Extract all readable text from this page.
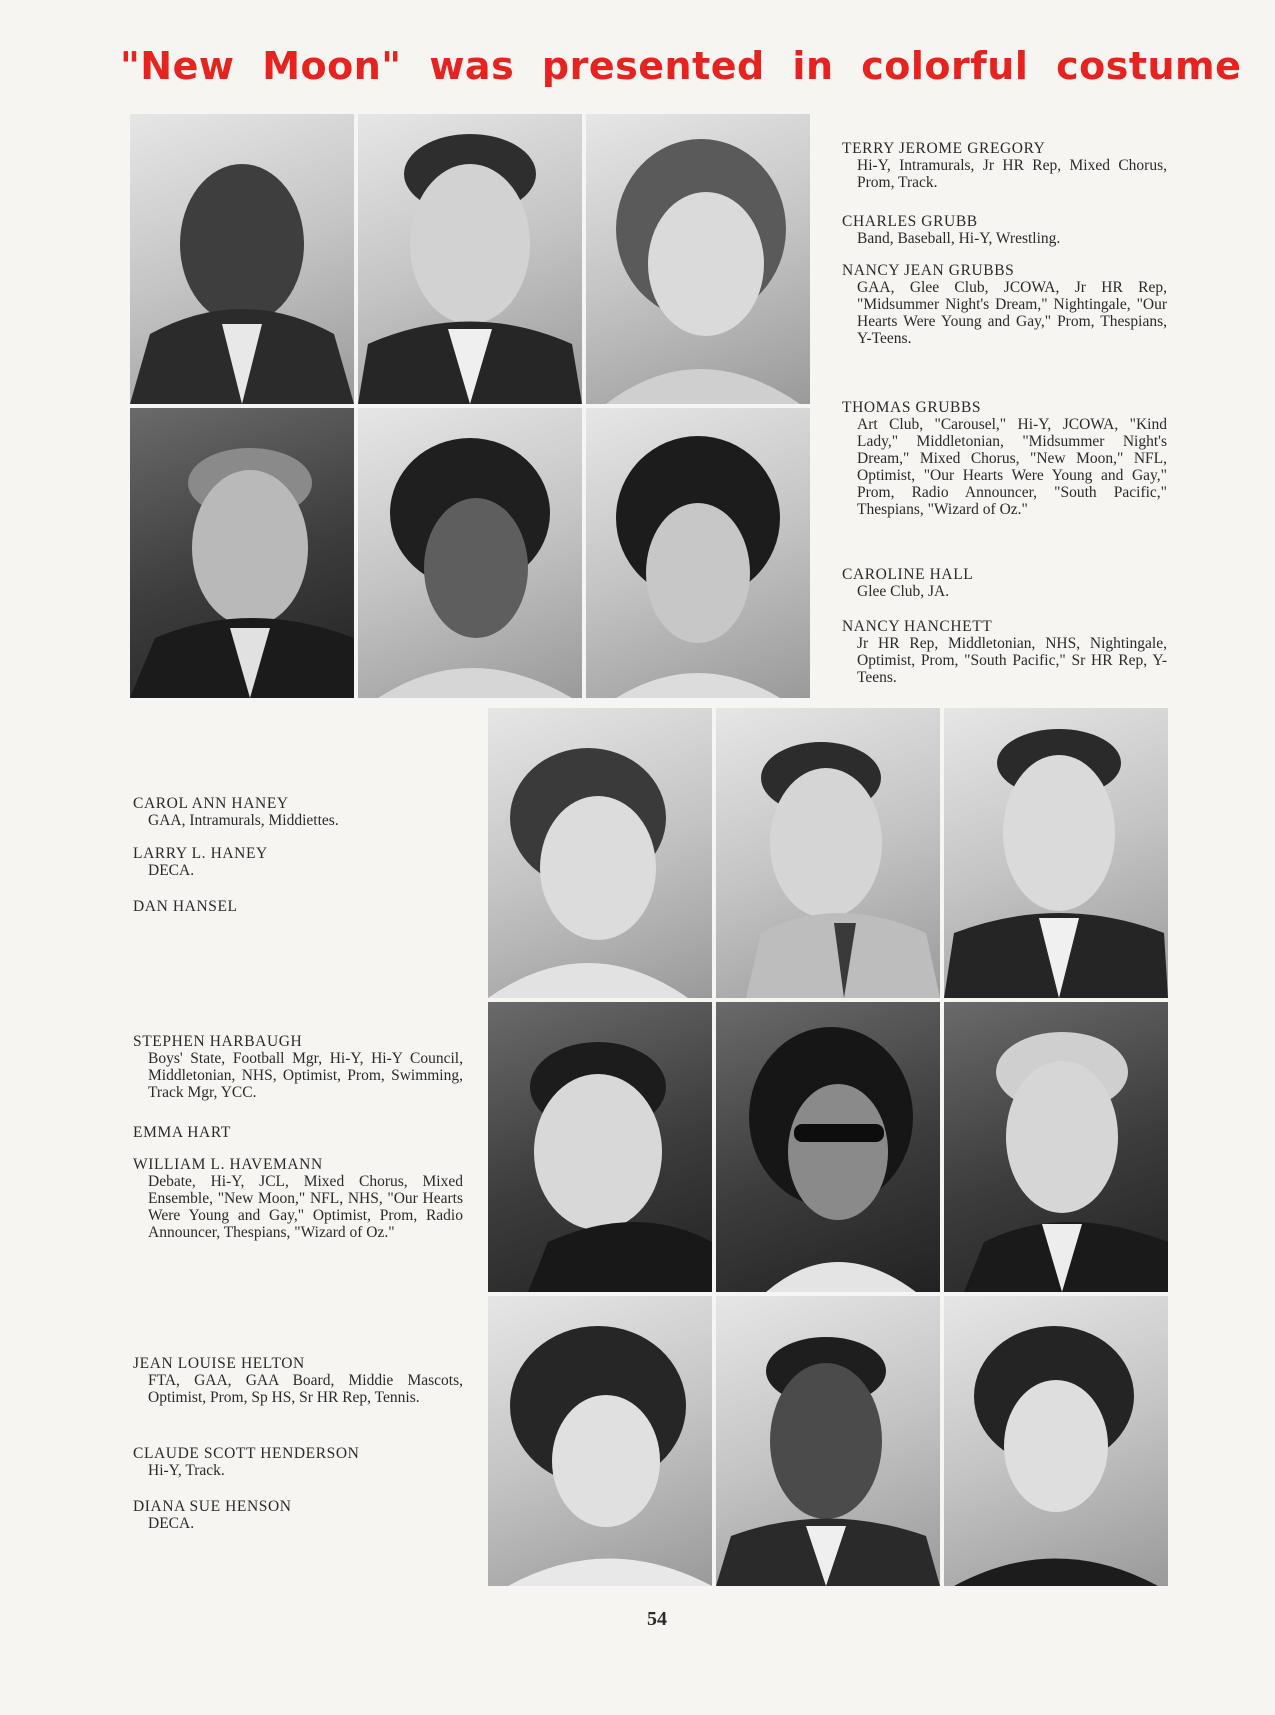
"New Moon" was presented in colorful costume
TERRY JEROME GREGORY
Hi-Y, Intramurals, Jr HR Rep, Mixed Chorus, Prom, Track.
CHARLES GRUBB
Band, Baseball, Hi-Y, Wrestling.
NANCY JEAN GRUBBS
GAA, Glee Club, JCOWA, Jr HR Rep, "Midsummer Night's Dream," Nightingale, "Our Hearts Were Young and Gay," Prom, Thespians, Y-Teens.
THOMAS GRUBBS
Art Club, "Carousel," Hi-Y, JCOWA, "Kind Lady," Middletonian, "Midsummer Night's Dream," Mixed Chorus, "New Moon," NFL, Optimist, "Our Hearts Were Young and Gay," Prom, Radio Announcer, "South Pacific," Thespians, "Wizard of Oz."
CAROLINE HALL
Glee Club, JA.
NANCY HANCHETT
Jr HR Rep, Middletonian, NHS, Nightingale, Optimist, Prom, "South Pacific," Sr HR Rep, Y-Teens.
CAROL ANN HANEY
GAA, Intramurals, Middiettes.
LARRY L. HANEY
DECA.
DAN HANSEL
STEPHEN HARBAUGH
Boys' State, Football Mgr, Hi-Y, Hi-Y Council, Middletonian, NHS, Optimist, Prom, Swimming, Track Mgr, YCC.
EMMA HART
WILLIAM L. HAVEMANN
Debate, Hi-Y, JCL, Mixed Chorus, Mixed Ensemble, "New Moon," NFL, NHS, "Our Hearts Were Young and Gay," Optimist, Prom, Radio Announcer, Thespians, "Wizard of Oz."
JEAN LOUISE HELTON
FTA, GAA, GAA Board, Middie Mascots, Optimist, Prom, Sp HS, Sr HR Rep, Tennis.
CLAUDE SCOTT HENDERSON
Hi-Y, Track.
DIANA SUE HENSON
DECA.
54
